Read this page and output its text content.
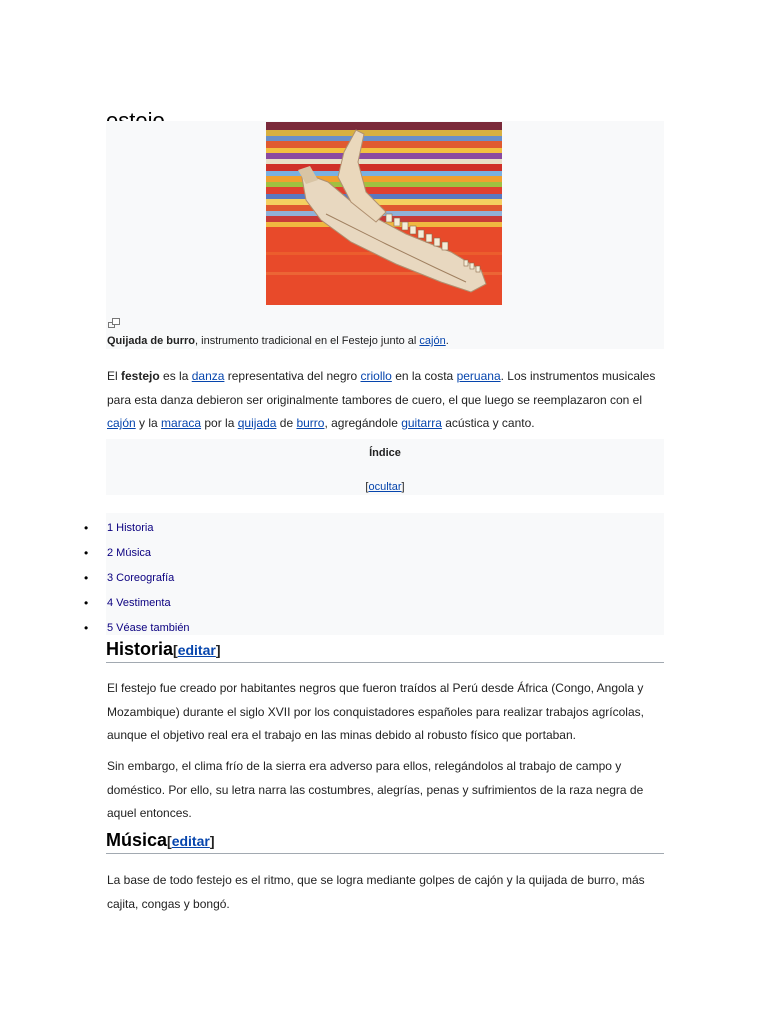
Quijada de burro, instrumento tradicional en el Festejo junto al cajón.
El festejo es la danza representativa del negro criollo en la costa peruana. Los instrumentos musicales para esta danza debieron ser originalmente tambores de cuero, el que luego se reemplazaron con el cajón y la maraca por la quijada de burro, agregándole guitarra acústica y canto.
Índice
[ocultar]
• 1 Historia
• 2 Música
• 3 Coreografía
• 4 Vestimenta
• 5 Véase también
Historia[editar]
El festejo fue creado por habitantes negros que fueron traídos al Perú desde África (Congo, Angola y Mozambique) durante el siglo XVII por los conquistadores españoles para realizar trabajos agrícolas, aunque el objetivo real era el trabajo en las minas debido al robusto físico que portaban.
Sin embargo, el clima frío de la sierra era adverso para ellos, relegándolos al trabajo de campo y doméstico. Por ello, su letra narra las costumbres, alegrías, penas y sufrimientos de la raza negra de aquel entonces.
Música[editar]
La base de todo festejo es el ritmo, que se logra mediante golpes de cajón y la quijada de burro, más cajita, congas y bongó.
